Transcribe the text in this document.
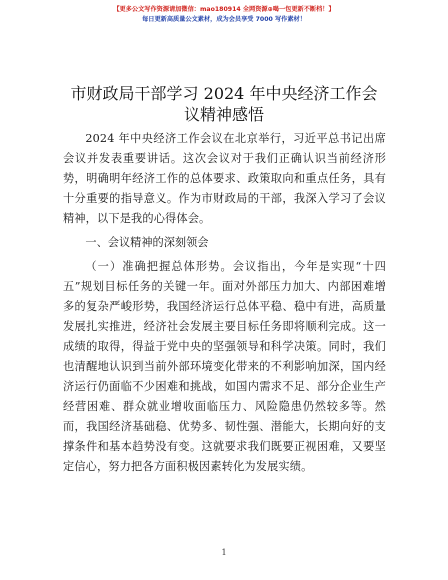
【更多公文写作资源请加微信：mao180914 全网资源⊕喝一包更新不断档！】
每日更新高质量公文素材，成为会员享受 7000 写作素材！
市财政局干部学习 2024 年中央经济工作会议精神感悟

2024 年中央经济工作会议在北京举行，习近平总书记出席会议并发表重要讲话。这次会议对于我们正确认识当前经济形势，明确明年经济工作的总体要求、政策取向和重点任务，具有十分重要的指导意义。作为市财政局的干部，我深入学习了会议精神，以下是我的心得体会。

一、会议精神的深刻领会

（一）准确把握总体形势。会议指出，今年是实现“十四五”规划目标任务的关键一年。面对外部压力加大、内部困难增多的复杂严峻形势，我国经济运行总体平稳、稳中有进，高质量发展扎实推进，经济社会发展主要目标任务即将顺利完成。这一成绩的取得，得益于党中央的坚强领导和科学决策。同时，我们也清醒地认识到当前外部环境变化带来的不利影响加深，国内经济运行仍面临不少困难和挑战，如国内需求不足、部分企业生产经营困难、群众就业增收面临压力、风险隐患仍然较多等。然而，我国经济基础稳、优势多、韧性强、潜能大，长期向好的支撑条件和基本趋势没有变。这就要求我们既要正视困难，又要坚定信心，努力把各方面积极因素转化为发展实绩。

1
